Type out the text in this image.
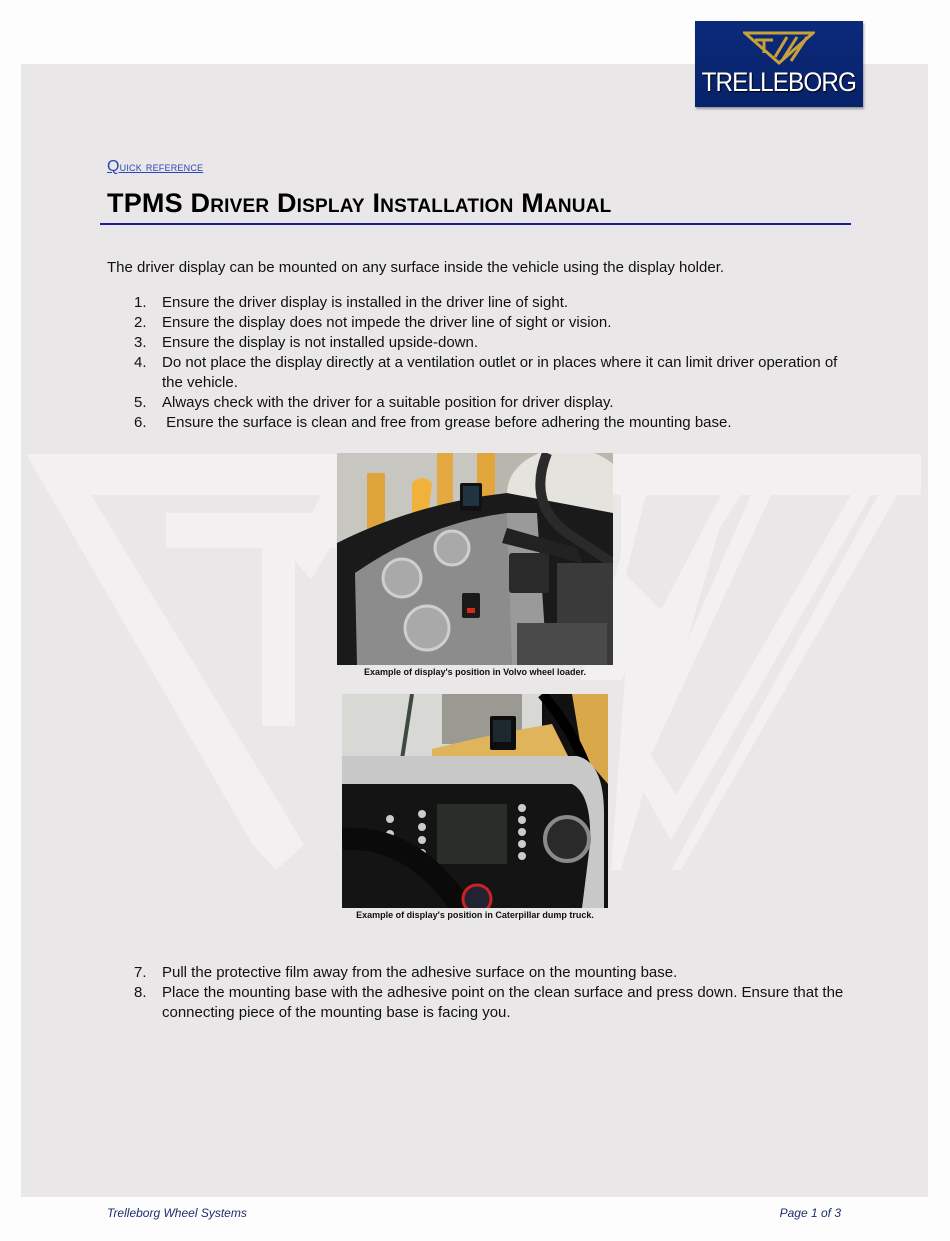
TRELLEBORG
Quick reference
TPMS Driver Display Installation Manual
The driver display can be mounted on any surface inside the vehicle using the display holder.
1.	Ensure the driver display is installed in the driver line of sight.
2.	Ensure the display does not impede the driver line of sight or vision.
3.	Ensure the display is not installed upside-down.
4.	Do not place the display directly at a ventilation outlet or in places where it can limit driver operation of the vehicle.
5.	Always check with the driver for a suitable position for driver display.
6.	Ensure the surface is clean and free from grease before adhering the mounting base.
Example of display's position in Volvo wheel loader.
Example of display's position in Caterpillar dump truck.
7.	Pull the protective film away from the adhesive surface on the mounting base.
8.	Place the mounting base with the adhesive point on the clean surface and press down. Ensure that the connecting piece of the mounting base is facing you.
Trelleborg Wheel Systems	Page 1 of 3
